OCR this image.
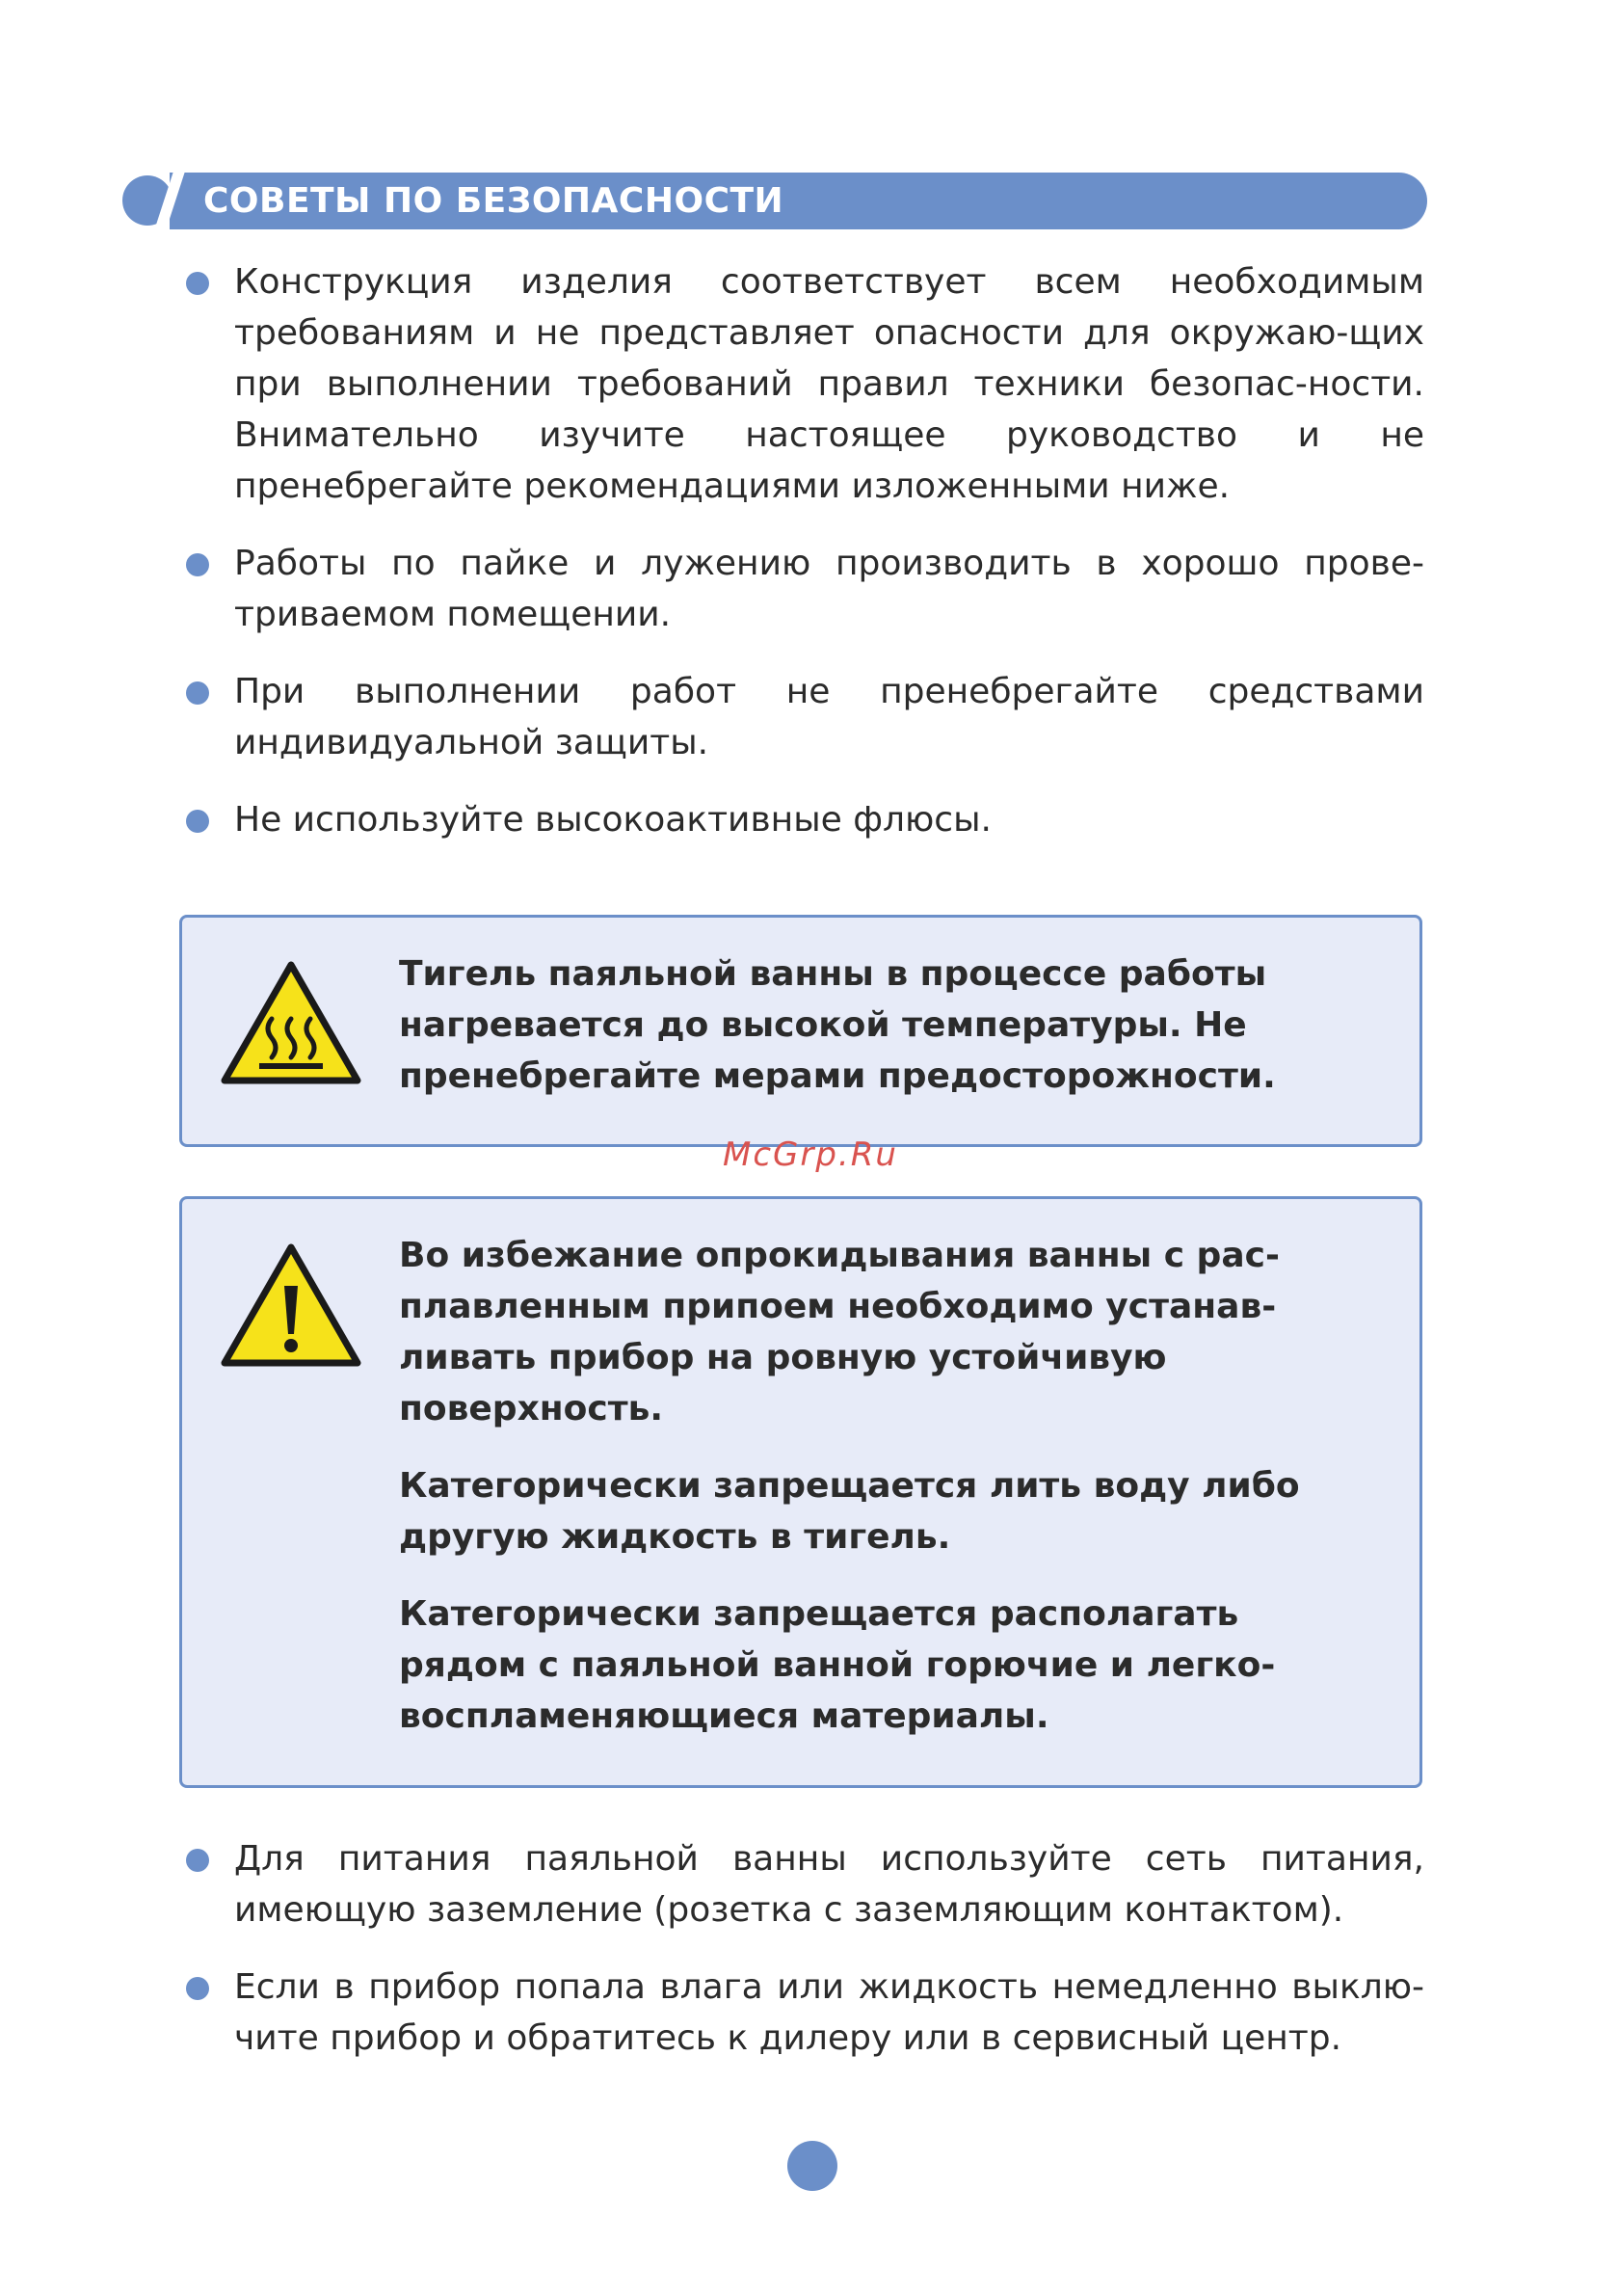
СОВЕТЫ ПО БЕЗОПАСНОСТИ
Конструкция изделия соответствует всем необходимым требованиям и не представляет опасности для окружаю-щих при выполнении требований правил техники безопас-ности. Внимательно изучите настоящее руководство и не пренебрегайте рекомендациями изложенными ниже.
Работы по пайке и лужению производить в хорошо прове-триваемом помещении.
При выполнении работ не пренебрегайте средствами индивидуальной защиты.
Не используйте высокоактивные флюсы.

Тигель паяльной ванны в процессе работы нагревается до высокой температуры. Не пренебрегайте мерами предосторожности.

McGrp.Ru

Во избежание опрокидывания ванны с рас-плавленным припоем необходимо устанав-ливать прибор на ровную устойчивую поверхность.

Категорически запрещается лить воду либо другую жидкость в тигель.

Категорически запрещается располагать рядом с паяльной ванной горючие и легко-воспламеняющиеся материалы.

Для питания паяльной ванны используйте сеть питания, имеющую заземление (розетка с заземляющим контактом).
Если в прибор попала влага или жидкость немедленно выклю-чите прибор и обратитесь к дилеру или в сервисный центр.
